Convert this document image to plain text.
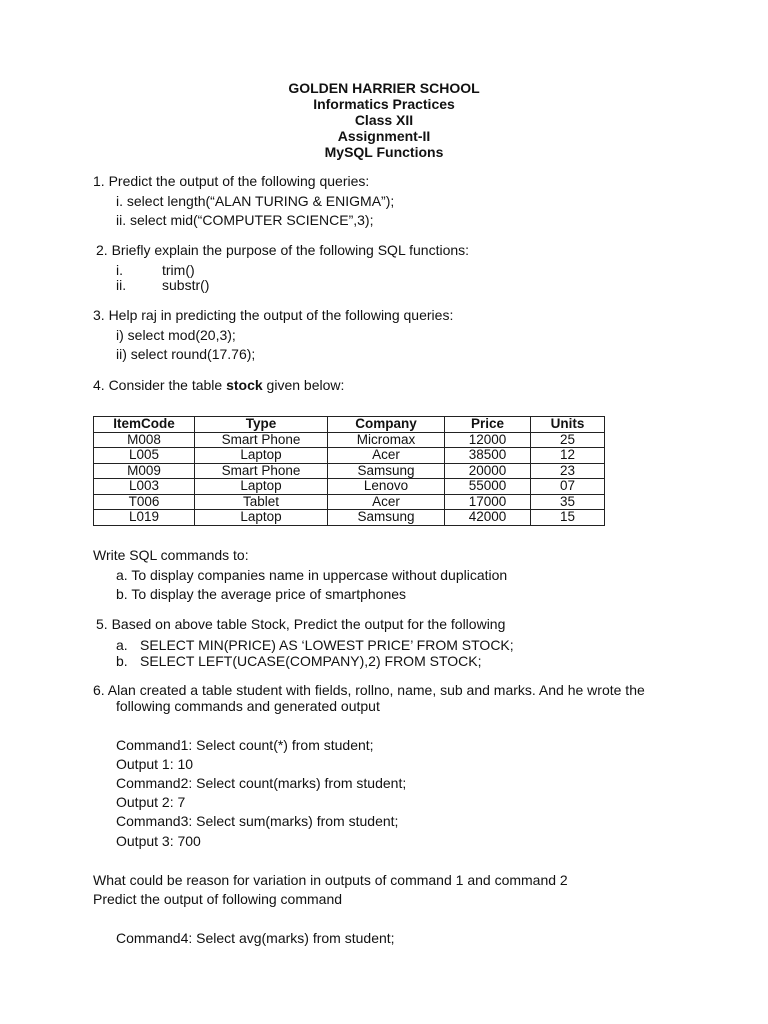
GOLDEN HARRIER SCHOOL
Informatics Practices
Class XII
Assignment-II
MySQL Functions
1. Predict the output of the following queries:
i. select length(“ALAN TURING & ENIGMA”);
ii. select mid(“COMPUTER SCIENCE”,3);
2. Briefly explain the purpose of the following SQL functions:
i.	trim()
ii.	substr()
3. Help raj in predicting the output of the following queries:
i) select mod(20,3);
ii) select round(17.76);
4. Consider the table stock given below:
ItemCode	Type	Company	Price	Units
M008	Smart Phone	Micromax	12000	25
L005	Laptop	Acer	38500	12
M009	Smart Phone	Samsung	20000	23
L003	Laptop	Lenovo	55000	07
T006	Tablet	Acer	17000	35
L019	Laptop	Samsung	42000	15
Write SQL commands to:
a. To display companies name in uppercase without duplication
b. To display the average price of smartphones
5. Based on above table Stock, Predict the output for the following
a. SELECT MIN(PRICE) AS ‘LOWEST PRICE’ FROM STOCK;
b. SELECT LEFT(UCASE(COMPANY),2) FROM STOCK;
6. Alan created a table student with fields, rollno, name, sub and marks. And he wrote the
following commands and generated output
Command1: Select count(*) from student;
Output 1: 10
Command2: Select count(marks) from student;
Output 2: 7
Command3: Select sum(marks) from student;
Output 3: 700
What could be reason for variation in outputs of command 1 and command 2
Predict the output of following command
Command4: Select avg(marks) from student;
